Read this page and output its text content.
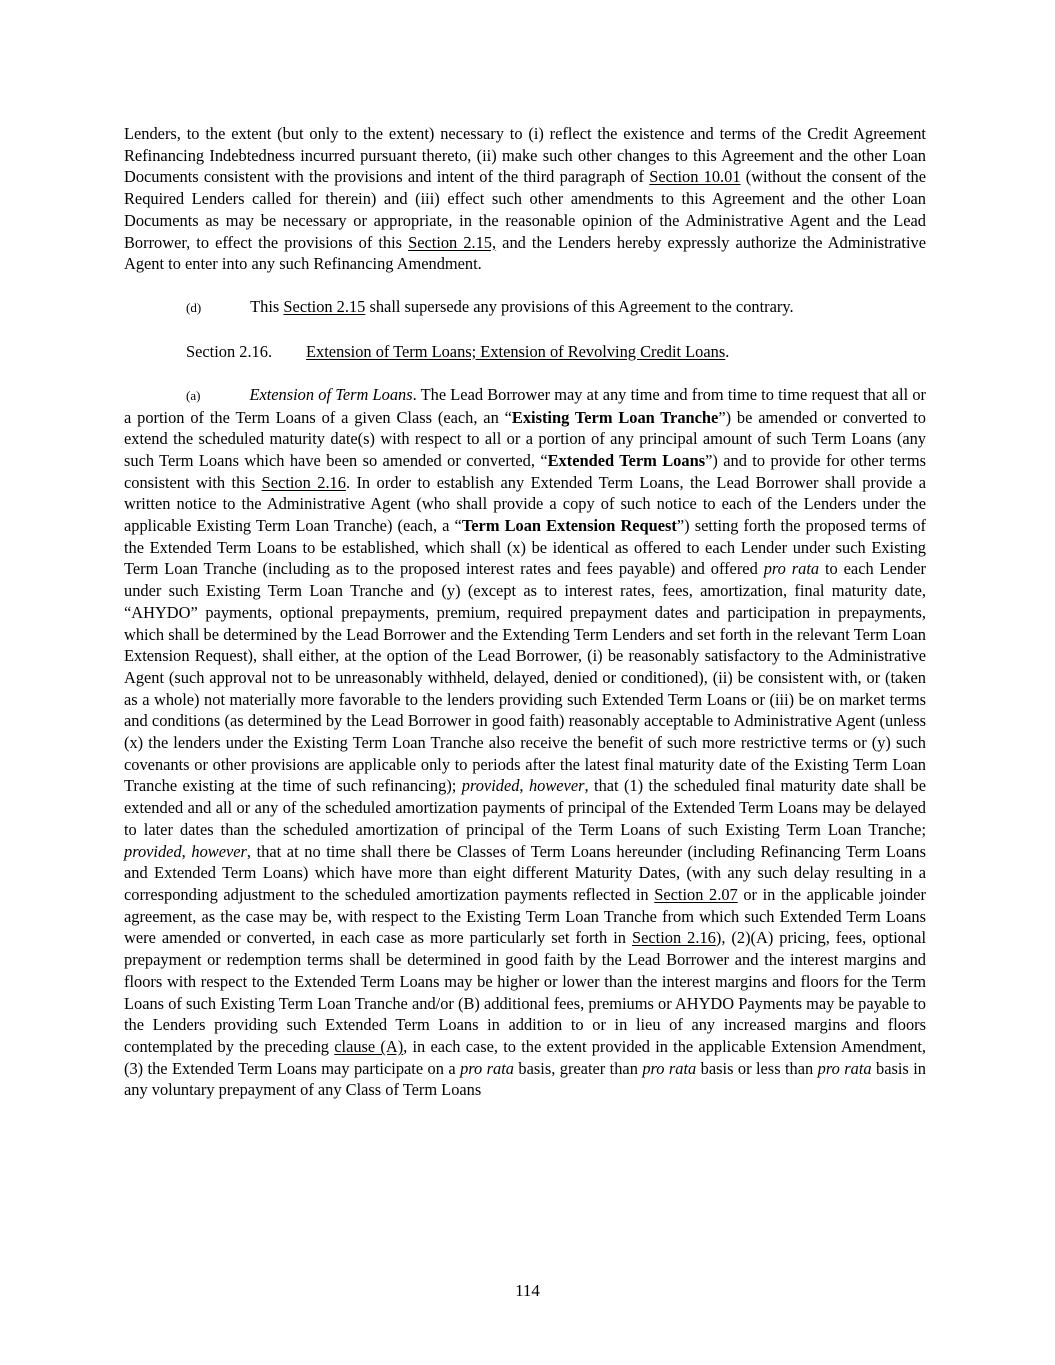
Lenders, to the extent (but only to the extent) necessary to (i) reflect the existence and terms of the Credit Agreement Refinancing Indebtedness incurred pursuant thereto, (ii) make such other changes to this Agreement and the other Loan Documents consistent with the provisions and intent of the third paragraph of Section 10.01 (without the consent of the Required Lenders called for therein) and (iii) effect such other amendments to this Agreement and the other Loan Documents as may be necessary or appropriate, in the reasonable opinion of the Administrative Agent and the Lead Borrower, to effect the provisions of this Section 2.15, and the Lenders hereby expressly authorize the Administrative Agent to enter into any such Refinancing Amendment.

(d)	This Section 2.15 shall supersede any provisions of this Agreement to the contrary.

Section 2.16. Extension of Term Loans; Extension of Revolving Credit Loans.

(a)	Extension of Term Loans. The Lead Borrower may at any time and from time to time request that all or a portion of the Term Loans of a given Class (each, an “Existing Term Loan Tranche”) be amended or converted to extend the scheduled maturity date(s) with respect to all or a portion of any principal amount of such Term Loans (any such Term Loans which have been so amended or converted, “Extended Term Loans”) and to provide for other terms consistent with this Section 2.16. In order to establish any Extended Term Loans, the Lead Borrower shall provide a written notice to the Administrative Agent (who shall provide a copy of such notice to each of the Lenders under the applicable Existing Term Loan Tranche) (each, a “Term Loan Extension Request”) setting forth the proposed terms of the Extended Term Loans to be established, which shall (x) be identical as offered to each Lender under such Existing Term Loan Tranche (including as to the proposed interest rates and fees payable) and offered pro rata to each Lender under such Existing Term Loan Tranche and (y) (except as to interest rates, fees, amortization, final maturity date, “AHYDO” payments, optional prepayments, premium, required prepayment dates and participation in prepayments, which shall be determined by the Lead Borrower and the Extending Term Lenders and set forth in the relevant Term Loan Extension Request), shall either, at the option of the Lead Borrower, (i) be reasonably satisfactory to the Administrative Agent (such approval not to be unreasonably withheld, delayed, denied or conditioned), (ii) be consistent with, or (taken as a whole) not materially more favorable to the lenders providing such Extended Term Loans or (iii) be on market terms and conditions (as determined by the Lead Borrower in good faith) reasonably acceptable to Administrative Agent (unless (x) the lenders under the Existing Term Loan Tranche also receive the benefit of such more restrictive terms or (y) such covenants or other provisions are applicable only to periods after the latest final maturity date of the Existing Term Loan Tranche existing at the time of such refinancing); provided, however, that (1) the scheduled final maturity date shall be extended and all or any of the scheduled amortization payments of principal of the Extended Term Loans may be delayed to later dates than the scheduled amortization of principal of the Term Loans of such Existing Term Loan Tranche; provided, however, that at no time shall there be Classes of Term Loans hereunder (including Refinancing Term Loans and Extended Term Loans) which have more than eight different Maturity Dates, (with any such delay resulting in a corresponding adjustment to the scheduled amortization payments reflected in Section 2.07 or in the applicable joinder agreement, as the case may be, with respect to the Existing Term Loan Tranche from which such Extended Term Loans were amended or converted, in each case as more particularly set forth in Section 2.16), (2)(A) pricing, fees, optional prepayment or redemption terms shall be determined in good faith by the Lead Borrower and the interest margins and floors with respect to the Extended Term Loans may be higher or lower than the interest margins and floors for the Term Loans of such Existing Term Loan Tranche and/or (B) additional fees, premiums or AHYDO Payments may be payable to the Lenders providing such Extended Term Loans in addition to or in lieu of any increased margins and floors contemplated by the preceding clause (A), in each case, to the extent provided in the applicable Extension Amendment, (3) the Extended Term Loans may participate on a pro rata basis, greater than pro rata basis or less than pro rata basis in any voluntary prepayment of any Class of Term Loans

114
